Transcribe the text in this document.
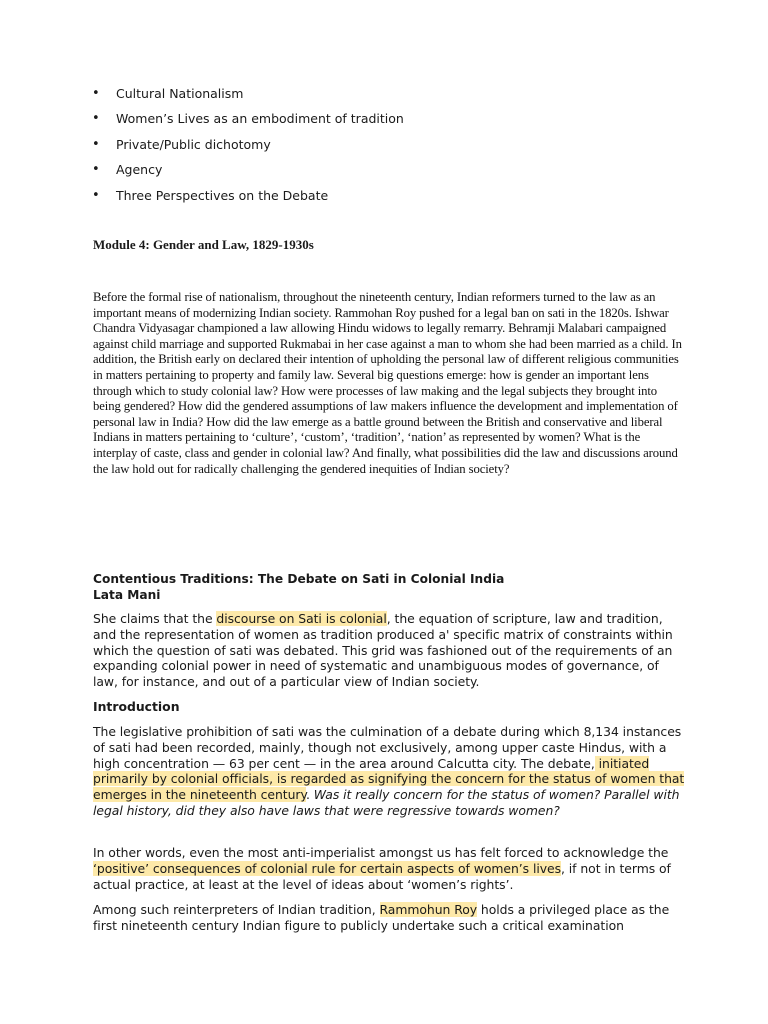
• Cultural Nationalism
• Women’s Lives as an embodiment of tradition
• Private/Public dichotomy
• Agency
• Three Perspectives on the Debate
Module 4: Gender and Law, 1829-1930s

Before the formal rise of nationalism, throughout the nineteenth century, Indian reformers turned to the law as an important means of modernizing Indian society. Rammohan Roy pushed for a legal ban on sati in the 1820s. Ishwar Chandra Vidyasagar championed a law allowing Hindu widows to legally remarry. Behramji Malabari campaigned against child marriage and supported Rukmabai in her case against a man to whom she had been married as a child. In addition, the British early on declared their intention of upholding the personal law of different religious communities in matters pertaining to property and family law. Several big questions emerge: how is gender an important lens through which to study colonial law? How were processes of law making and the legal subjects they brought into being gendered? How did the gendered assumptions of law makers influence the development and implementation of personal law in India? How did the law emerge as a battle ground between the British and conservative and liberal Indians in matters pertaining to ‘culture’, ‘custom’, ‘tradition’, ‘nation’ as represented by women? What is the interplay of caste, class and gender in colonial law? And finally, what possibilities did the law and discussions around the law hold out for radically challenging the gendered inequities of Indian society?

Contentious Traditions: The Debate on Sati in Colonial India
Lata Mani

She claims that the discourse on Sati is colonial, the equation of scripture, law and tradition, and the representation of women as tradition produced a' specific matrix of constraints within which the question of sati was debated. This grid was fashioned out of the requirements of an expanding colonial power in need of systematic and unambiguous modes of governance, of law, for instance, and out of a particular view of Indian society.

Introduction

The legislative prohibition of sati was the culmination of a debate during which 8,134 instances of sati had been recorded, mainly, though not exclusively, among upper caste Hindus, with a high concentration — 63 per cent — in the area around Calcutta city. The debate, initiated primarily by colonial officials, is regarded as signifying the concern for the status of women that emerges in the nineteenth century. Was it really concern for the status of women? Parallel with legal history, did they also have laws that were regressive towards women?

In other words, even the most anti-imperialist amongst us has felt forced to acknowledge the ‘positive’ consequences of colonial rule for certain aspects of women’s lives, if not in terms of actual practice, at least at the level of ideas about ‘women’s rights’.

Among such reinterpreters of Indian tradition, Rammohun Roy holds a privileged place as the first nineteenth century Indian figure to publicly undertake such a critical examination
